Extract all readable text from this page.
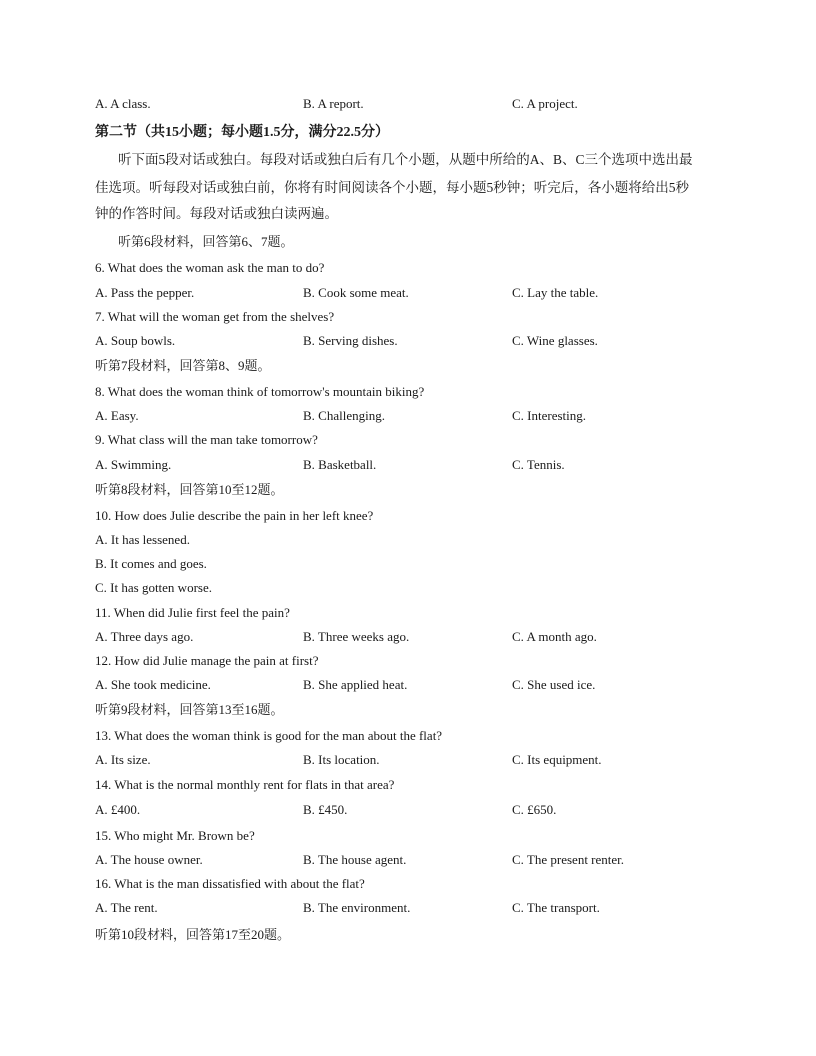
A. A class.	B. A report.	C. A project.
第二节（共15小题；每小题1.5分，满分22.5分）
听下面5段对话或独白。每段对话或独白后有几个小题，从题中所给的A、B、C三个选项中选出最
佳选项。听每段对话或独白前，你将有时间阅读各个小题，每小题5秒钟；听完后，各小题将给出5秒
钟的作答时间。每段对话或独白读两遍。
听第6段材料，回答第6、7题。
6. What does the woman ask the man to do?
A. Pass the pepper.	B. Cook some meat.	C. Lay the table.
7. What will the woman get from the shelves?
A. Soup bowls.	B. Serving dishes.	C. Wine glasses.
听第7段材料，回答第8、9题。
8. What does the woman think of tomorrow's mountain biking?
A. Easy.	B. Challenging.	C. Interesting.
9. What class will the man take tomorrow?
A. Swimming.	B. Basketball.	C. Tennis.
听第8段材料，回答第10至12题。
10. How does Julie describe the pain in her left knee?
A. It has lessened.
B. It comes and goes.
C. It has gotten worse.
11. When did Julie first feel the pain?
A. Three days ago.	B. Three weeks ago.	C. A month ago.
12. How did Julie manage the pain at first?
A. She took medicine.	B. She applied heat.	C. She used ice.
听第9段材料，回答第13至16题。
13. What does the woman think is good for the man about the flat?
A. Its size.	B. Its location.	C. Its equipment.
14. What is the normal monthly rent for flats in that area?
A. £400.	B. £450.	C. £650.
15. Who might Mr. Brown be?
A. The house owner.	B. The house agent.	C. The present renter.
16. What is the man dissatisfied with about the flat?
A. The rent.	B. The environment.	C. The transport.
听第10段材料，回答第17至20题。
